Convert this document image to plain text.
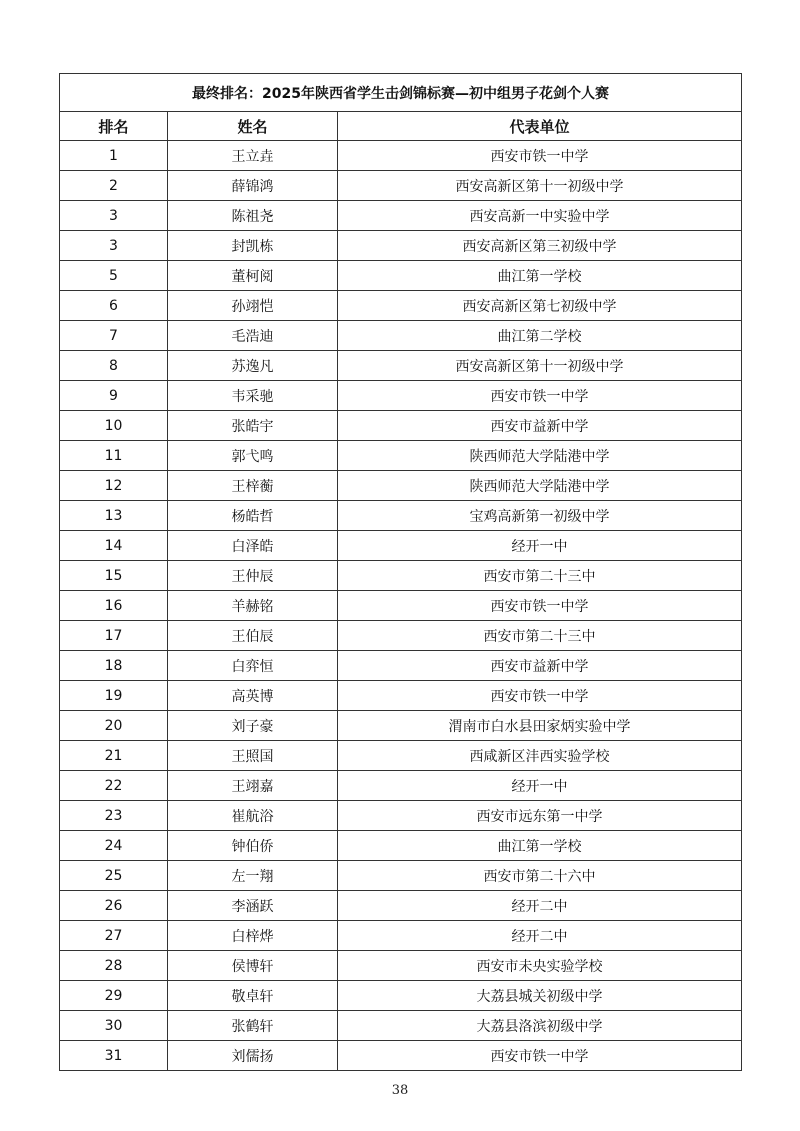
最终排名：2025年陕西省学生击剑锦标赛—初中组男子花剑个人赛		
排名	姓名	代表单位
1	王立垚	西安市铁一中学
2	薛锦鸿	西安高新区第十一初级中学
3	陈祖尧	西安高新一中实验中学
3	封凯栋	西安高新区第三初级中学
5	董柯阅	曲江第一学校
6	孙翊恺	西安高新区第七初级中学
7	毛浩迪	曲江第二学校
8	苏逸凡	西安高新区第十一初级中学
9	韦采驰	西安市铁一中学
10	张皓宇	西安市益新中学
11	郭弋鸣	陕西师范大学陆港中学
12	王梓蘅	陕西师范大学陆港中学
13	杨皓哲	宝鸡高新第一初级中学
14	白泽皓	经开一中
15	王仲辰	西安市第二十三中
16	羊赫铭	西安市铁一中学
17	王伯辰	西安市第二十三中
18	白弈恒	西安市益新中学
19	高英博	西安市铁一中学
20	刘子豪	渭南市白水县田家炳实验中学
21	王照国	西咸新区沣西实验学校
22	王翊嘉	经开一中
23	崔航浴	西安市远东第一中学
24	钟伯侨	曲江第一学校
25	左一翔	西安市第二十六中
26	李涵跃	经开二中
27	白梓烨	经开二中
28	侯博轩	西安市未央实验学校
29	敬卓轩	大荔县城关初级中学
30	张鹤轩	大荔县洛滨初级中学
31	刘儒扬	西安市铁一中学
38
